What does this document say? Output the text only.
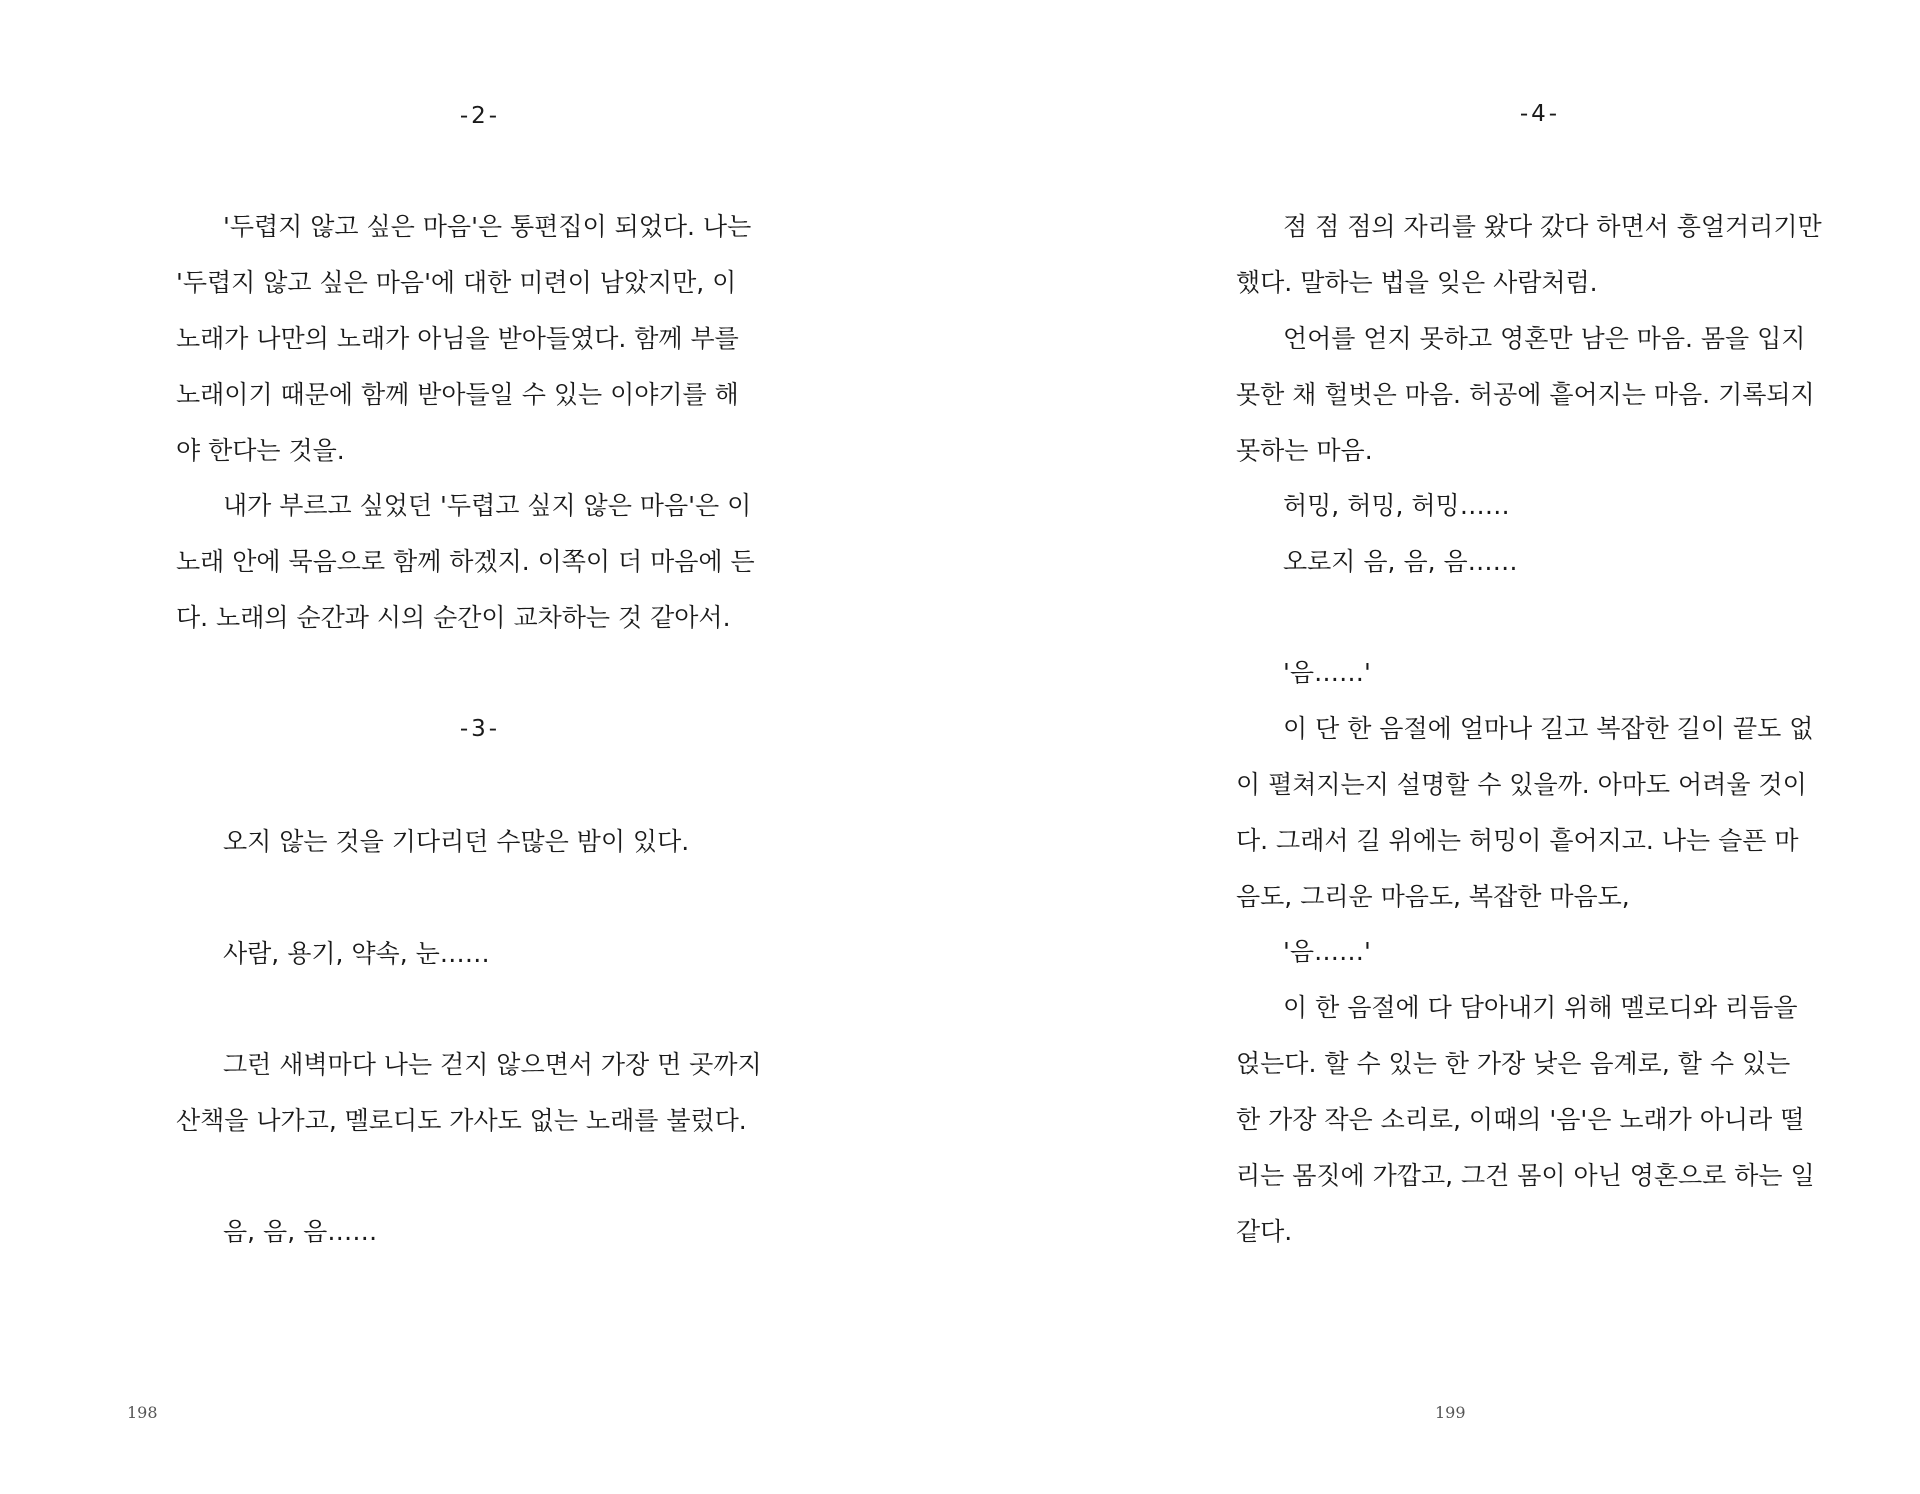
-2-
'두렵지 않고 싶은 마음'은 통편집이 되었다. 나는
'두렵지 않고 싶은 마음'에 대한 미련이 남았지만, 이
노래가 나만의 노래가 아님을 받아들였다. 함께 부를
노래이기 때문에 함께 받아들일 수 있는 이야기를 해
야 한다는 것을.
내가 부르고 싶었던 '두렵고 싶지 않은 마음'은 이
노래 안에 묵음으로 함께 하겠지. 이쪽이 더 마음에 든
다. 노래의 순간과 시의 순간이 교차하는 것 같아서.
-3-
오지 않는 것을 기다리던 수많은 밤이 있다.
사람, 용기, 약속, 눈……
그런 새벽마다 나는 걷지 않으면서 가장 먼 곳까지
산책을 나가고, 멜로디도 가사도 없는 노래를 불렀다.
음, 음, 음……
198
-4-
점 점 점의 자리를 왔다 갔다 하면서 흥얼거리기만
했다. 말하는 법을 잊은 사람처럼.
언어를 얻지 못하고 영혼만 남은 마음. 몸을 입지
못한 채 헐벗은 마음. 허공에 흩어지는 마음. 기록되지
못하는 마음.
허밍, 허밍, 허밍……
오로지 음, 음, 음……
'음……'
이 단 한 음절에 얼마나 길고 복잡한 길이 끝도 없
이 펼쳐지는지 설명할 수 있을까. 아마도 어려울 것이
다. 그래서 길 위에는 허밍이 흩어지고. 나는 슬픈 마
음도, 그리운 마음도, 복잡한 마음도,
'음……'
이 한 음절에 다 담아내기 위해 멜로디와 리듬을
얹는다. 할 수 있는 한 가장 낮은 음계로, 할 수 있는
한 가장 작은 소리로, 이때의 '음'은 노래가 아니라 떨
리는 몸짓에 가깝고, 그건 몸이 아닌 영혼으로 하는 일
같다.
199
